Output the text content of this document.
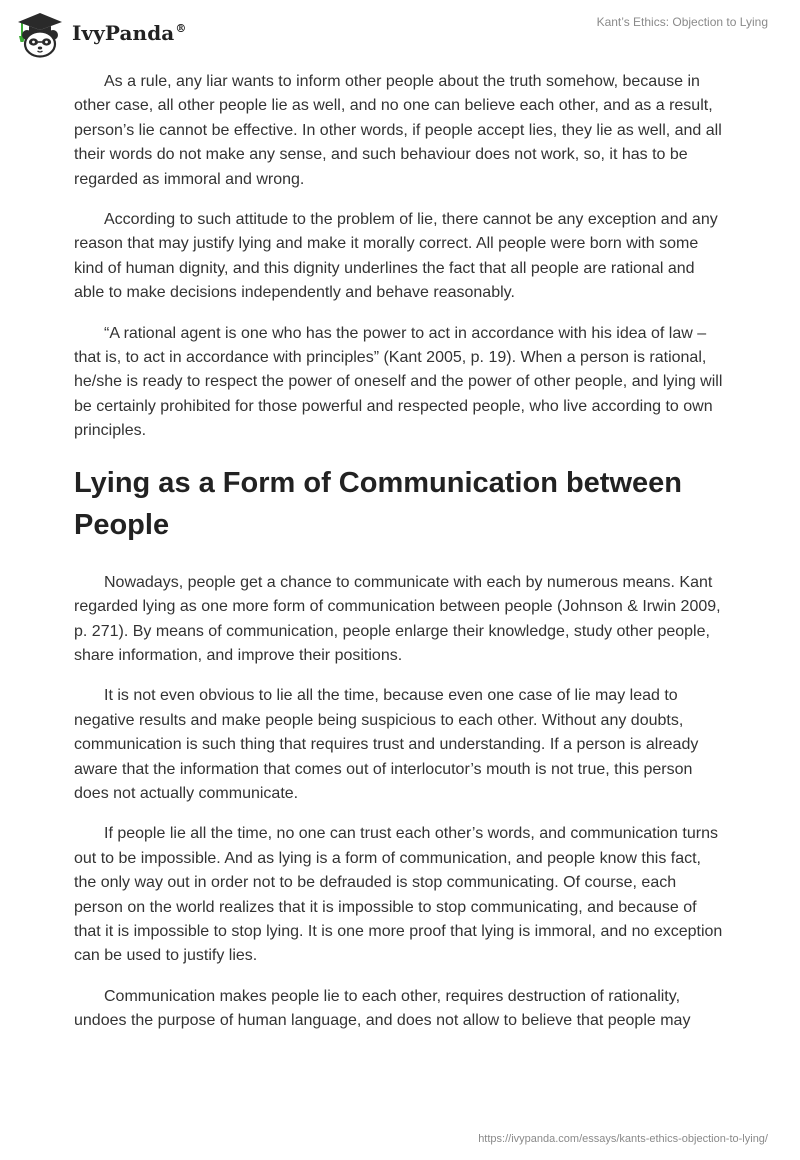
IvyPanda®	Kant’s Ethics: Objection to Lying

As a rule, any liar wants to inform other people about the truth somehow, because in other case, all other people lie as well, and no one can believe each other, and as a result, person’s lie cannot be effective. In other words, if people accept lies, they lie as well, and all their words do not make any sense, and such behaviour does not work, so, it has to be regarded as immoral and wrong.

According to such attitude to the problem of lie, there cannot be any exception and any reason that may justify lying and make it morally correct. All people were born with some kind of human dignity, and this dignity underlines the fact that all people are rational and able to make decisions independently and behave reasonably.

“A rational agent is one who has the power to act in accordance with his idea of law – that is, to act in accordance with principles” (Kant 2005, p. 19). When a person is rational, he/she is ready to respect the power of oneself and the power of other people, and lying will be certainly prohibited for those powerful and respected people, who live according to own principles.

Lying as a Form of Communication between People

Nowadays, people get a chance to communicate with each by numerous means. Kant regarded lying as one more form of communication between people (Johnson & Irwin 2009, p. 271). By means of communication, people enlarge their knowledge, study other people, share information, and improve their positions.

It is not even obvious to lie all the time, because even one case of lie may lead to negative results and make people being suspicious to each other. Without any doubts, communication is such thing that requires trust and understanding. If a person is already aware that the information that comes out of interlocutor’s mouth is not true, this person does not actually communicate.

If people lie all the time, no one can trust each other’s words, and communication turns out to be impossible. And as lying is a form of communication, and people know this fact, the only way out in order not to be defrauded is stop communicating. Of course, each person on the world realizes that it is impossible to stop communicating, and because of that it is impossible to stop lying. It is one more proof that lying is immoral, and no exception can be used to justify lies.

Communication makes people lie to each other, requires destruction of rationality, undoes the purpose of human language, and does not allow to believe that people may

https://ivypanda.com/essays/kants-ethics-objection-to-lying/
